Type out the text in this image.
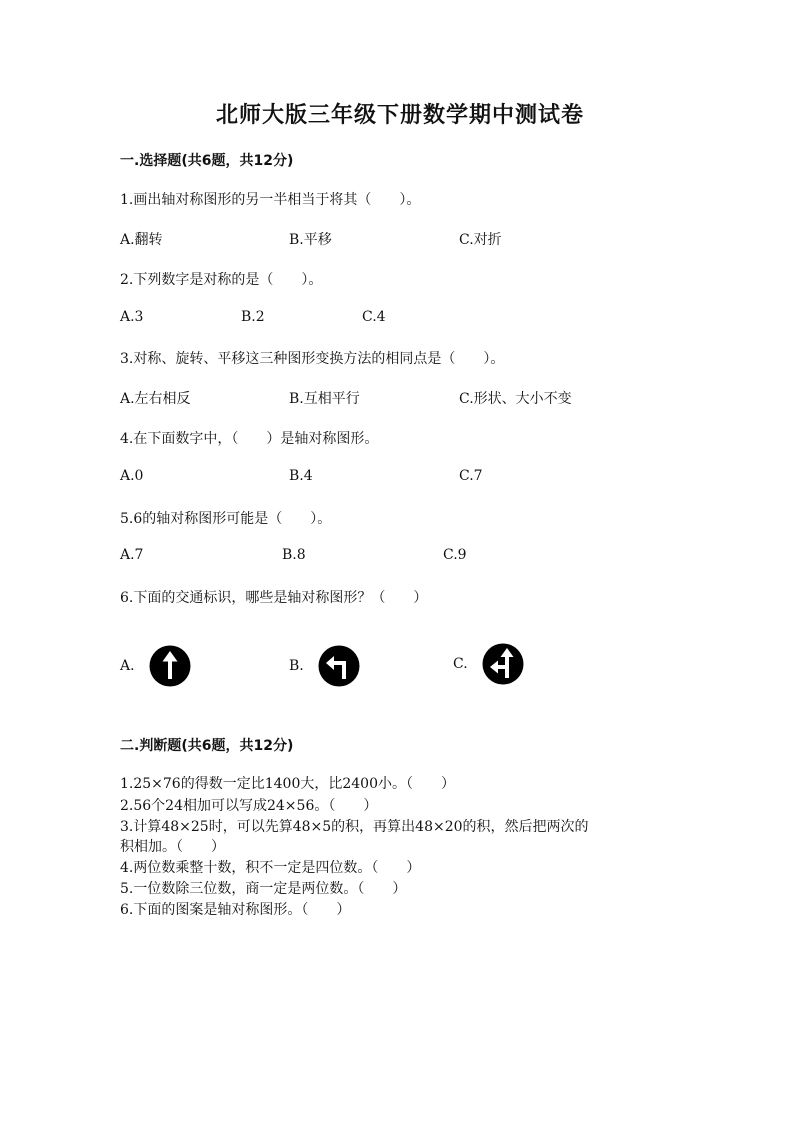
北师大版三年级下册数学期中测试卷
一.选择题(共6题，共12分)
1.画出轴对称图形的另一半相当于将其（　　）。
A.翻转	B.平移	C.对折
2.下列数字是对称的是（　　）。
A.3	B.2	C.4
3.对称、旋转、平移这三种图形变换方法的相同点是（　　）。
A.左右相反	B.互相平行	C.形状、大小不变
4.在下面数字中，（　　）是轴对称图形。
A.0	B.4	C.7
5.6的轴对称图形可能是（　　）。
A.7	B.8	C.9
6.下面的交通标识，哪些是轴对称图形？（　　）
A.	B.	C.
二.判断题(共6题，共12分)
1.25×76的得数一定比1400大，比2400小。（　　）
2.56个24相加可以写成24×56。（　　）
3.计算48×25时，可以先算48×5的积，再算出48×20的积，然后把两次的
积相加。（　　）
4.两位数乘整十数，积不一定是四位数。（　　）
5.一位数除三位数，商一定是两位数。（　　）
6.下面的图案是轴对称图形。（　　）
